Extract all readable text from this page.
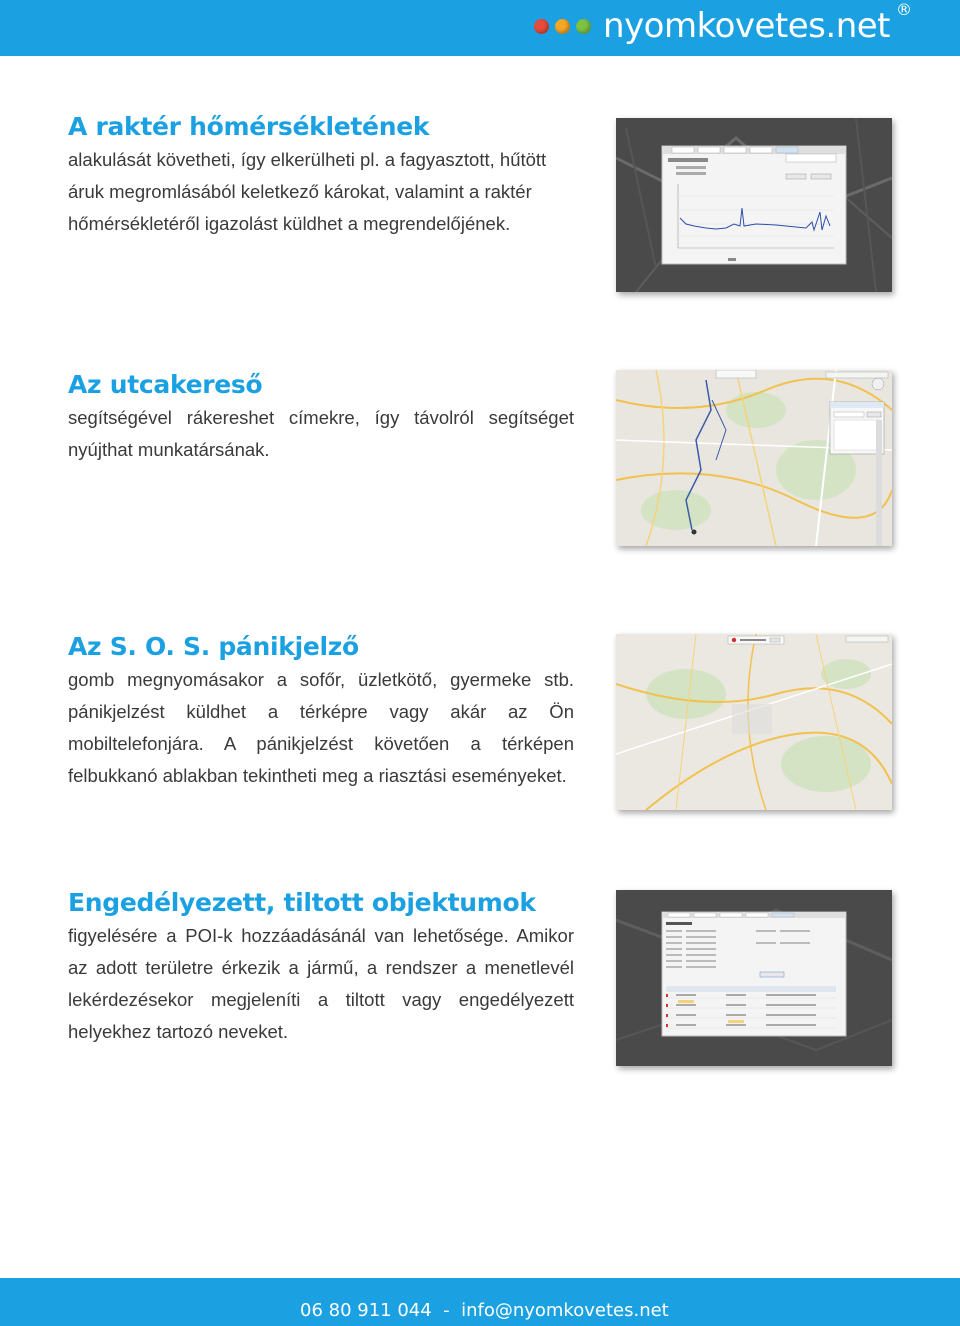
nyomkovetes.net ®
A raktér hőmérsékletének

alakulását követheti, így elkerülheti pl. a fagyasztott, hűtött áruk megromlásából keletkező károkat, valamint a raktér hőmérsékletéről igazolást küldhet a megrendelőjének.

Az utcakereső

segítségével rákereshet címekre, így távolról segítséget nyújthat munkatársának.

Az S. O. S. pánikjelző

gomb megnyomásakor a sofőr, üzletkötő, gyermeke stb. pánikjelzést küldhet a térképre vagy akár az Ön mobiltelefonjára. A pánikjelzést követően a térképen felbukkanó ablakban tekintheti meg a riasztási eseményeket.

Engedélyezett, tiltott objektumok

figyelésére a POI-k hozzáadásánál van lehetősége. Amikor az adott területre érkezik a jármű, a rendszer a menetlevél lekérdezésekor megjeleníti a tiltott vagy engedélyezett helyekhez tartozó neveket.

06 80 911 044  -  info@nyomkovetes.net
